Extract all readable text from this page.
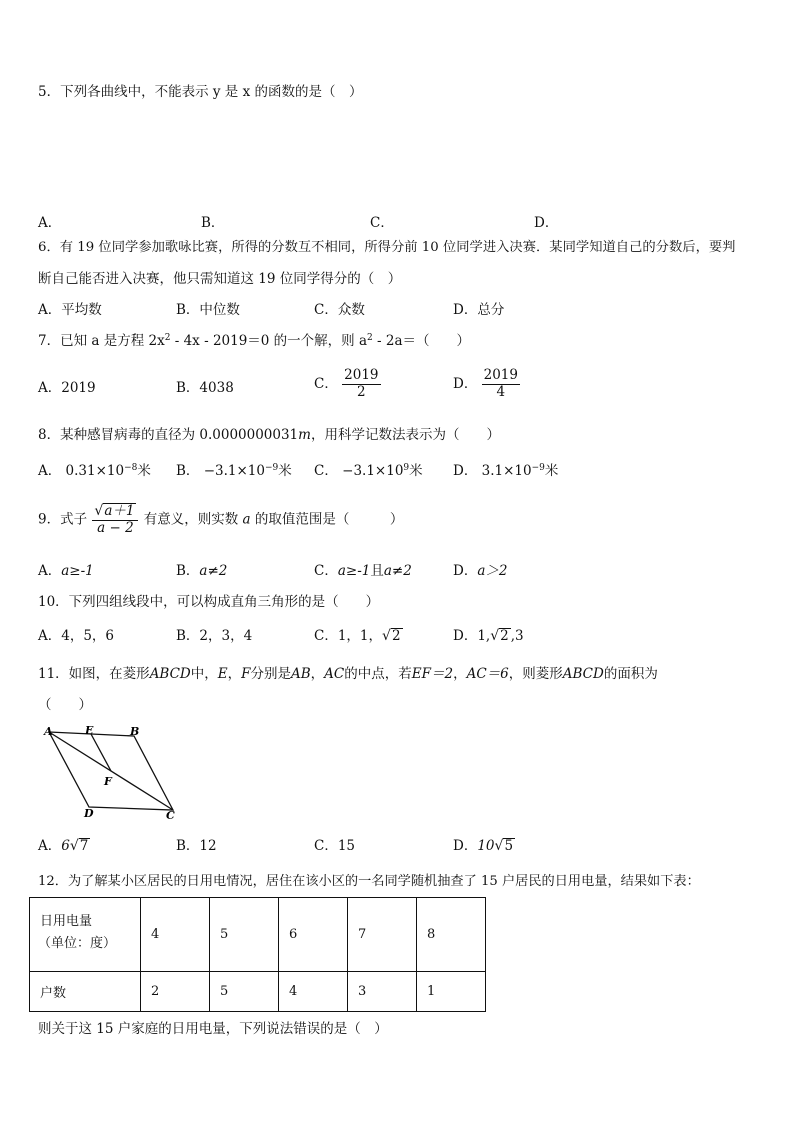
5．下列各曲线中，不能表示 y 是 x 的函数的是（　）
A．	B．	C．	D．
6．有 19 位同学参加歌咏比赛，所得的分数互不相同，所得分前 10 位同学进入决赛．某同学知道自己的分数后，要判
断自己能否进入决赛，他只需知道这 19 位同学得分的（　）
A．平均数	B．中位数	C．众数	D．总分
7．已知 a 是方程 $2x^2 - 4x - 2019=0$ 的一个解，则 $a^2 - 2a=$（　　）
A．2019	B．4038	C． $\frac{2019}{2}$	D． $\frac{2019}{4}$
8．某种感冒病毒的直径为 0.0000000031m，用科学记数法表示为（　　）
A． $0.31\times 10^{-8}$米 B． $-3.1\times 10^{-9}$米 C． $-3.1\times 10^9$米 D． $3.1\times 10^{-9}$米
9．式子 $\frac{√a+1}{a - 2}$ 有意义，则实数 a 的取值范围是（　　　）
A．a≥-1	B．a≠2	C．a≥-1且a≠2	D．a＞2
10．下列四组线段中，可以构成直角三角形的是（　　）
A．4，5，6	B．2，3，4	C．1，1，√2	D．1,√2 ,3
11．如图，在菱形ABCD中，E，F分别是AB，AC的中点，若EF＝2，AC＝6，则菱形ABCD的面积为
（　　）
A	E	B
F
D	C
A．6√7	B．12	C．15	D．10√5
12．为了解某小区居民的日用电情况，居住在该小区的一名同学随机抽查了 15 户居民的日用电量，结果如下表：
日用电量
（单位：度）	4	5	6	7	8
户数	2	5	4	3	1
则关于这 15 户家庭的日用电量，下列说法错误的是（　）
